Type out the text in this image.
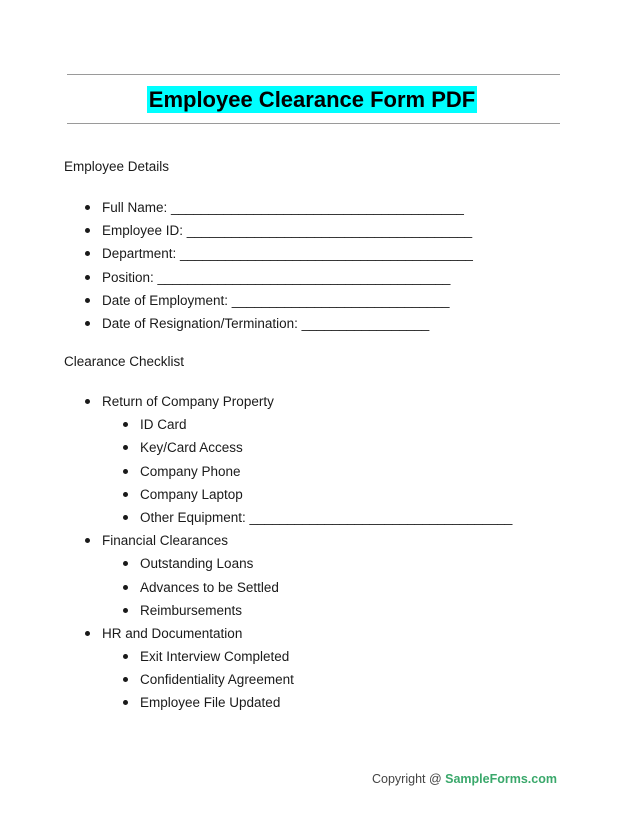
Employee Clearance Form PDF
Employee Details
Full Name: _______________________________________
Employee ID: ______________________________________
Department: _______________________________________
Position: _______________________________________
Date of Employment: _____________________________
Date of Resignation/Termination: _________________
Clearance Checklist
Return of Company Property
ID Card
Key/Card Access
Company Phone
Company Laptop
Other Equipment: ___________________________________
Financial Clearances
Outstanding Loans
Advances to be Settled
Reimbursements
HR and Documentation
Exit Interview Completed
Confidentiality Agreement
Employee File Updated
Copyright @ SampleForms.com
